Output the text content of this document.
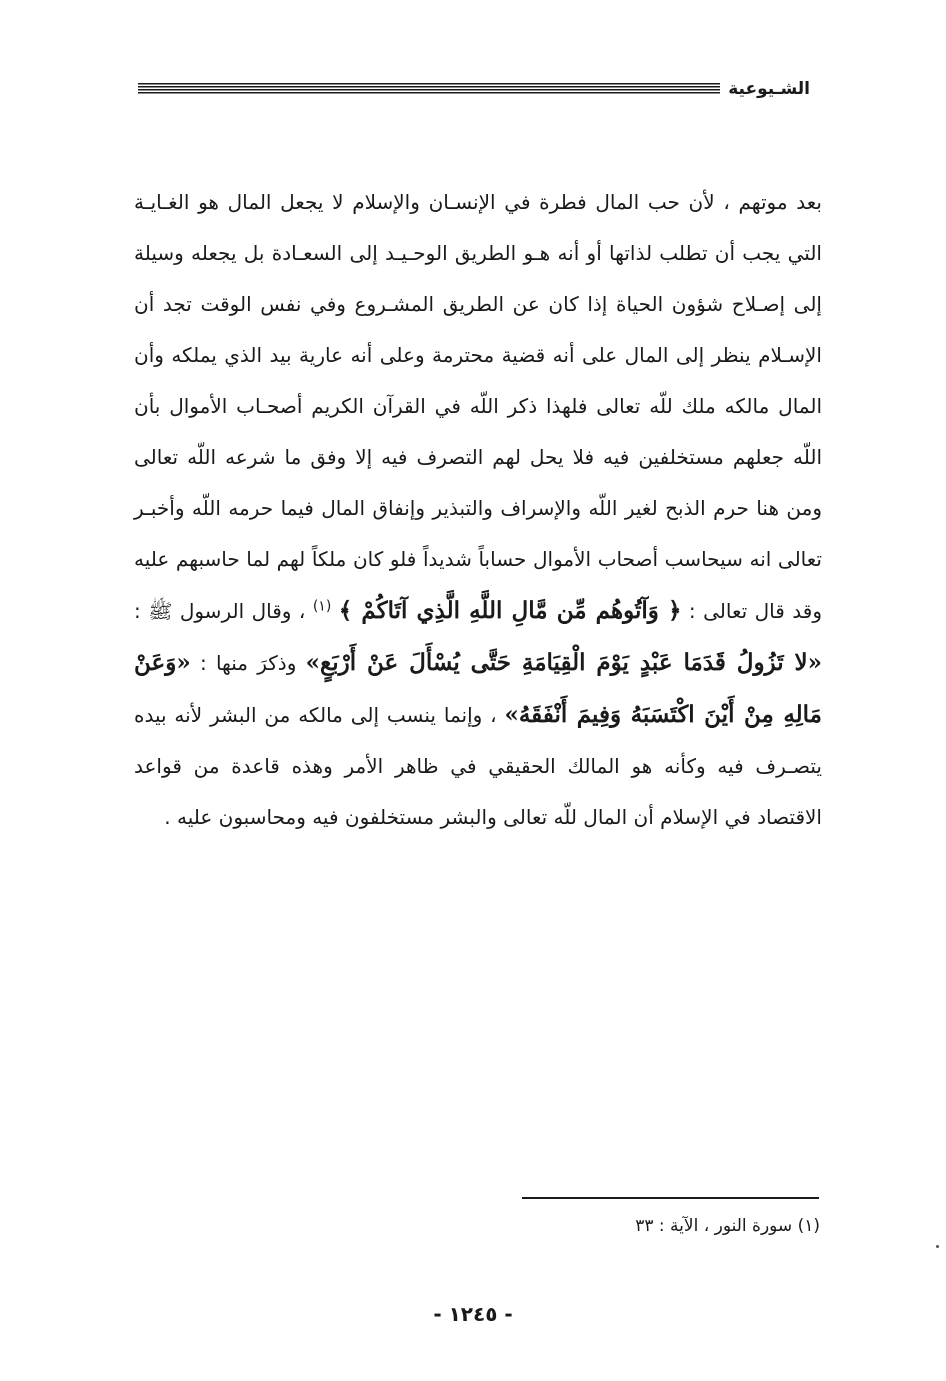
الشـيوعية
بعد موتهم ، لأن حب المال فطرة في الإنسـان والإسلام لا يجعل المال هو الغـايـة التي يجب أن تطلب لذاتها أو أنه هـو الطريق الوحـيـد إلى السعـادة بل يجعله وسيلة إلى إصـلاح شؤون الحياة إذا كان عن الطريق المشـروع وفي نفس الوقت تجد أن الإسـلام ينظر إلى المال على أنه قضية محترمة وعلى أنه عارية بيد الذي يملكه وأن المال مالكه ملك للّه تعالى فلهذا ذكر اللّه في القرآن الكريم أصحـاب الأموال بأن اللّه جعلهم مستخلفين فيه فلا يحل لهم التصرف فيه إلا وفق ما شرعه اللّه تعالى ومن هنا حرم الذبح لغير اللّه والإسراف والتبذير وإنفاق المال فيما حرمه اللّه وأخبـر تعالى انه سيحاسب أصحاب الأموال حساباً شديداً فلو كان ملكاً لهم لما حاسبهم عليه وقد قال تعالى : ﴿ وَآتُوهُم مِّن مَّالِ اللَّهِ الَّذِي آتَاكُمْ ﴾ $^{(١)}$ ، وقال الرسول ﷺ : «لا تَزُولُ قَدَمَا عَبْدٍ يَوْمَ الْقِيَامَةِ حَتَّى يُسْأَلَ عَنْ أَرْبَعٍ» وذكرَ منها : «وَعَنْ مَالِهِ مِنْ أَيْنَ اكْتَسَبَهُ وَفِيمَ أَنْفَقَهُ» ، وإنما ينسب إلى مالكه من البشر لأنه بيده يتصـرف فيه وكأنه هو المالك الحقيقي في ظاهر الأمر وهذه قاعدة من قواعد الاقتصاد في الإسلام أن المال للّه تعالى والبشر مستخلفون فيه ومحاسبون عليه .
(١) سورة النور ، الآية : ٣٣
- ١٢٤٥ -
